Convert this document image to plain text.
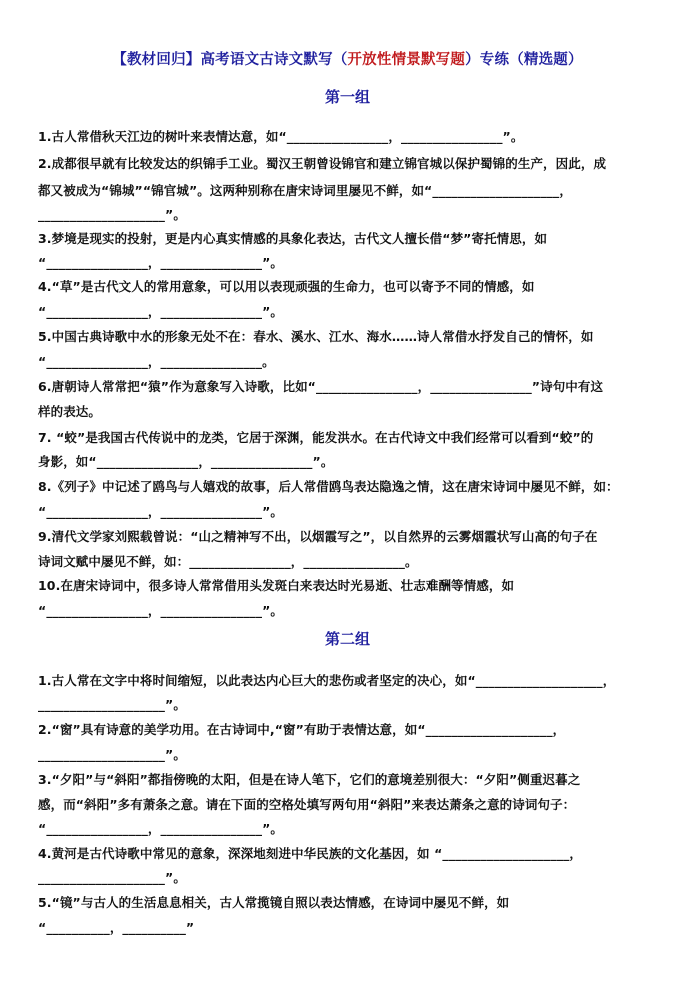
【教材回归】高考语文古诗文默写（开放性情景默写题）专练（精选题）
第一组
1.古人常借秋天江边的树叶来表情达意，如“________________，________________”。
2.成都很早就有比较发达的织锦手工业。蜀汉王朝曾设锦官和建立锦官城以保护蜀锦的生产，因此，成
都又被成为“锦城”“锦官城”。这两种别称在唐宋诗词里屡见不鲜，如“____________________，
____________________”。
3.梦境是现实的投射，更是内心真实情感的具象化表达，古代文人擅长借“梦”寄托情思，如
“________________，________________”。
4.“草”是古代文人的常用意象，可以用以表现顽强的生命力，也可以寄予不同的情感，如
“________________，________________”。
5.中国古典诗歌中水的形象无处不在：春水、溪水、江水、海水……诗人常借水抒发自己的情怀，如
“________________，________________。
6.唐朝诗人常常把“猿”作为意象写入诗歌，比如“________________，________________”诗句中有这
样的表达。
7. “蛟”是我国古代传说中的龙类，它居于深渊，能发洪水。在古代诗文中我们经常可以看到“蛟”的
身影，如“________________，________________”。
8.《列子》中记述了鸥鸟与人嬉戏的故事，后人常借鸥鸟表达隐逸之情，这在唐宋诗词中屡见不鲜，如：
“________________，________________”。
9.清代文学家刘熙载曾说：“山之精神写不出，以烟霞写之”，以自然界的云雾烟霞状写山高的句子在
诗词文赋中屡见不鲜，如：________________，________________。
10.在唐宋诗词中，很多诗人常常借用头发斑白来表达时光易逝、壮志难酬等情感，如
“________________，________________”。
第二组
1.古人常在文字中将时间缩短，以此表达内心巨大的悲伤或者坚定的决心，如“____________________，
____________________”。
2.“窗”具有诗意的美学功用。在古诗词中,“窗”有助于表情达意，如“____________________，
____________________”。
3.“夕阳”与“斜阳”都指傍晚的太阳，但是在诗人笔下，它们的意境差别很大：“夕阳”侧重迟暮之
感，而“斜阳”多有萧条之意。请在下面的空格处填写两句用“斜阳”来表达萧条之意的诗词句子：
“________________，________________”。
4.黄河是古代诗歌中常见的意象，深深地刻进中华民族的文化基因，如 “____________________，
____________________”。
5.“镜”与古人的生活息息相关，古人常揽镜自照以表达情感，在诗词中屡见不鲜，如
“__________，__________”
